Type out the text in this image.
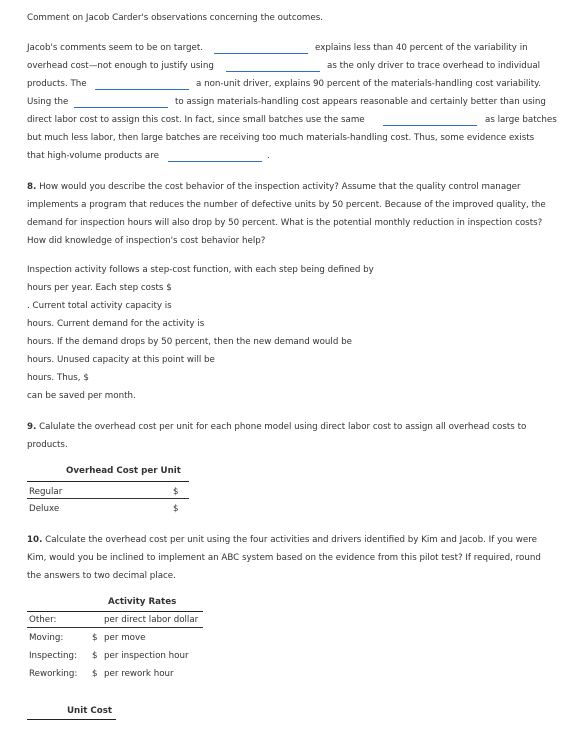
Comment on Jacob Carder's observations concerning the outcomes.
Jacob's comments seem to be on target.	explains less than 40 percent of the variability in
overhead cost—not enough to justify using	as the only driver to trace overhead to individual
products. The	a non-unit driver, explains 90 percent of the materials-handling cost variability.
Using the	to assign materials-handling cost appears reasonable and certainly better than using
direct labor cost to assign this cost. In fact, since small batches use the same	as large batches
but much less labor, then large batches are receiving too much materials-handling cost. Thus, some evidence exists
that high-volume products are	.
8. How would you describe the cost behavior of the inspection activity? Assume that the quality control manager
implements a program that reduces the number of defective units by 50 percent. Because of the improved quality, the
demand for inspection hours will also drop by 50 percent. What is the potential monthly reduction in inspection costs?
How did knowledge of inspection's cost behavior help?
Inspection activity follows a step-cost function, with each step being defined by
hours per year. Each step costs $
. Current total activity capacity is
hours. Current demand for the activity is
hours. If the demand drops by 50 percent, then the new demand would be
hours. Unused capacity at this point will be
hours. Thus, $
can be saved per month.
9. Calulate the overhead cost per unit for each phone model using direct labor cost to assign all overhead costs to
products.
Overhead Cost per Unit
Regular	$
Deluxe	$
10. Calculate the overhead cost per unit using the four activities and drivers identified by Kim and Jacob. If you were
Kim, would you be inclined to implement an ABC system based on the evidence from this pilot test? If required, round
the answers to two decimal place.
Activity Rates
Other:	per direct labor dollar
Moving:	$ per move
Inspecting: $ per inspection hour
Reworking: $ per rework hour
Unit Cost
